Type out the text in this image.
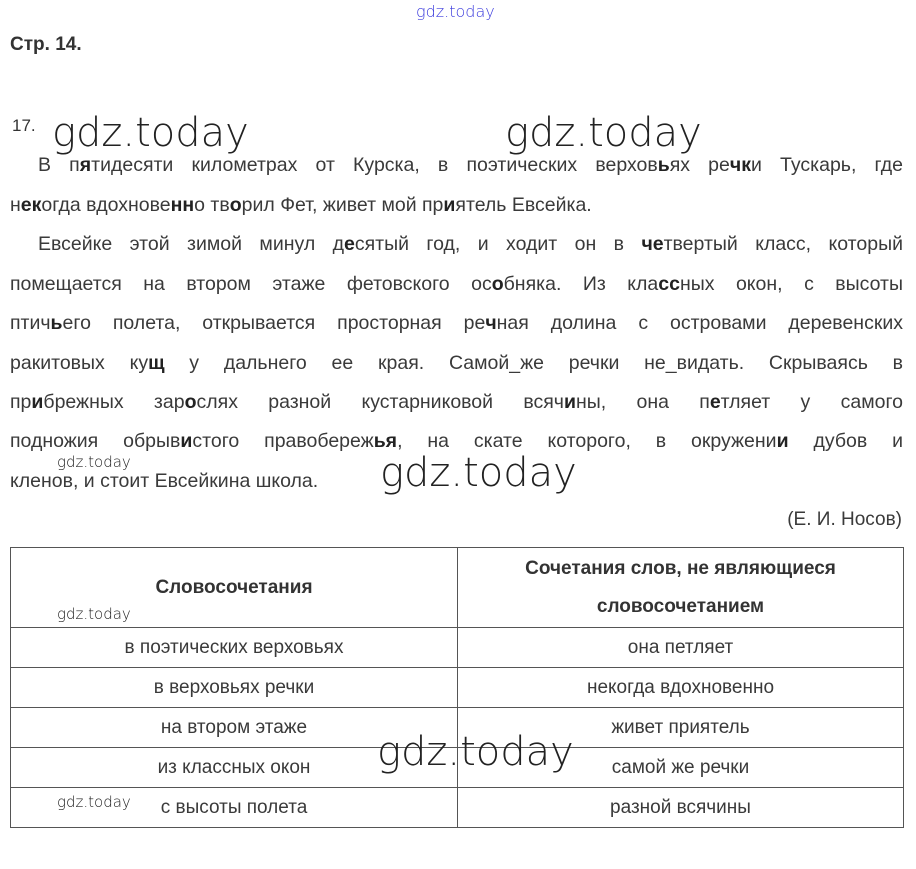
gdz.today
Стр. 14.
17.
В пятидесяти километрах от Курска, в поэтических верховьях речки Тускарь, где
некогда вдохновенно творил Фет, живет мой приятель Евсейка.
Евсейке этой зимой минул десятый год, и ходит он в четвертый класс, который
помещается на втором этаже фетовского особняка. Из классных окон, с высоты
птичьего полета, открывается просторная речная долина с островами деревенских
ракитовых кущ у дальнего ее края. Самой_же речки не_видать. Скрываясь в
прибрежных зарослях разной кустарниковой всячины, она петляет у самого
подножия обрывистого правобережья, на скате которого, в окружении дубов и
кленов, и стоит Евсейкина школа.
(Е. И. Носов)
Словосочетания	Сочетания слов, не являющиеся словосочетанием
в поэтических верховьях	она петляет
в верховьях речки	некогда вдохновенно
на втором этаже	живет приятель
из классных окон	самой же речки
с высоты полета	разной всячины
gdz.today	gdz.today
gdz.today	gdz.today
gdz.today
gdz.today
gdz.today
